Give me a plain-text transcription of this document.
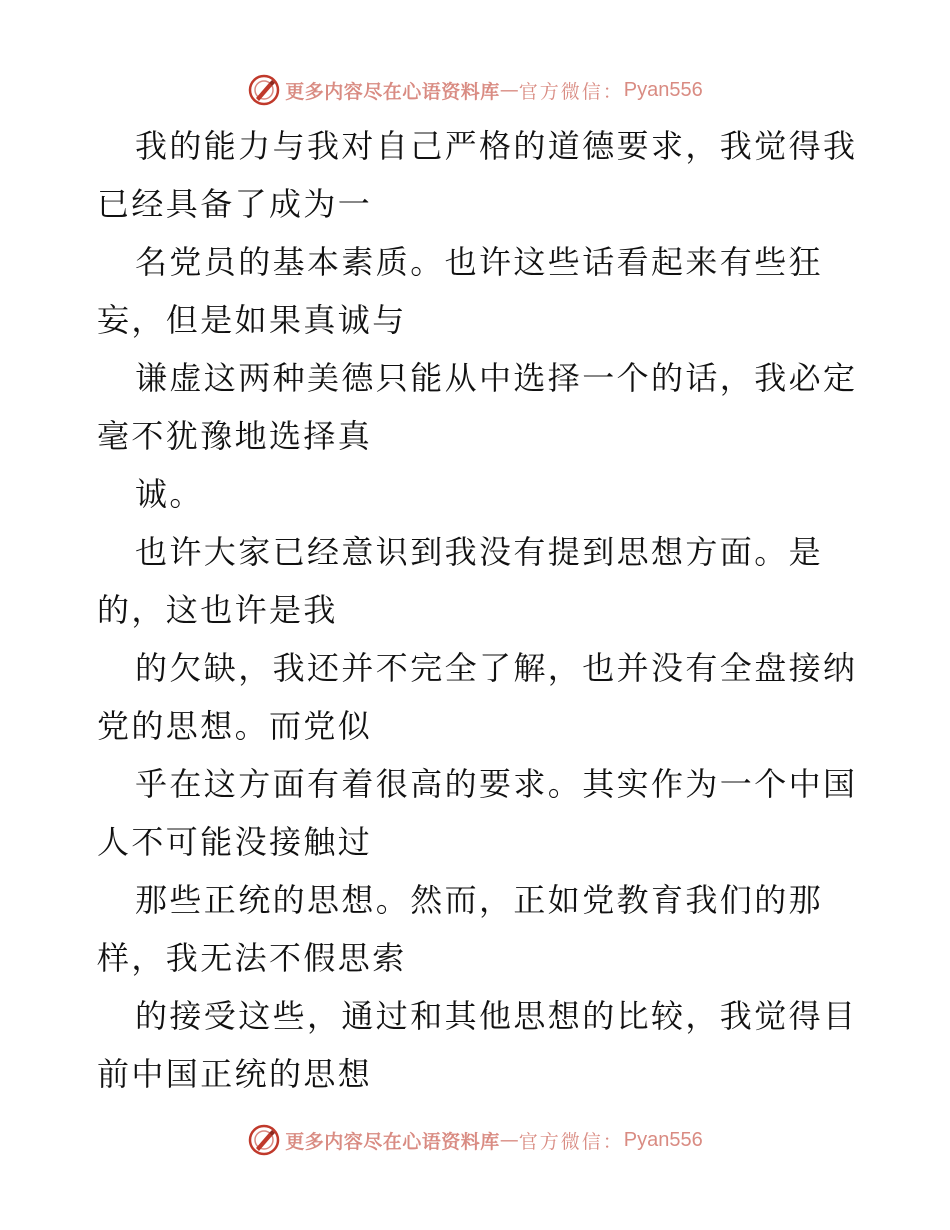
更多内容尽在心语资料库 — 官方微信： Pyan556
我的能力与我对自己严格的道德要求，我觉得我
已经具备了成为一
名党员的基本素质。也许这些话看起来有些狂
妄，但是如果真诚与
谦虚这两种美德只能从中选择一个的话，我必定
毫不犹豫地选择真
诚。
也许大家已经意识到我没有提到思想方面。是
的，这也许是我
的欠缺，我还并不完全了解，也并没有全盘接纳
党的思想。而党似
乎在这方面有着很高的要求。其实作为一个中国
人不可能没接触过
那些正统的思想。然而，正如党教育我们的那
样，我无法不假思索
的接受这些，通过和其他思想的比较，我觉得目
前中国正统的思想
更多内容尽在心语资料库 — 官方微信： Pyan556
